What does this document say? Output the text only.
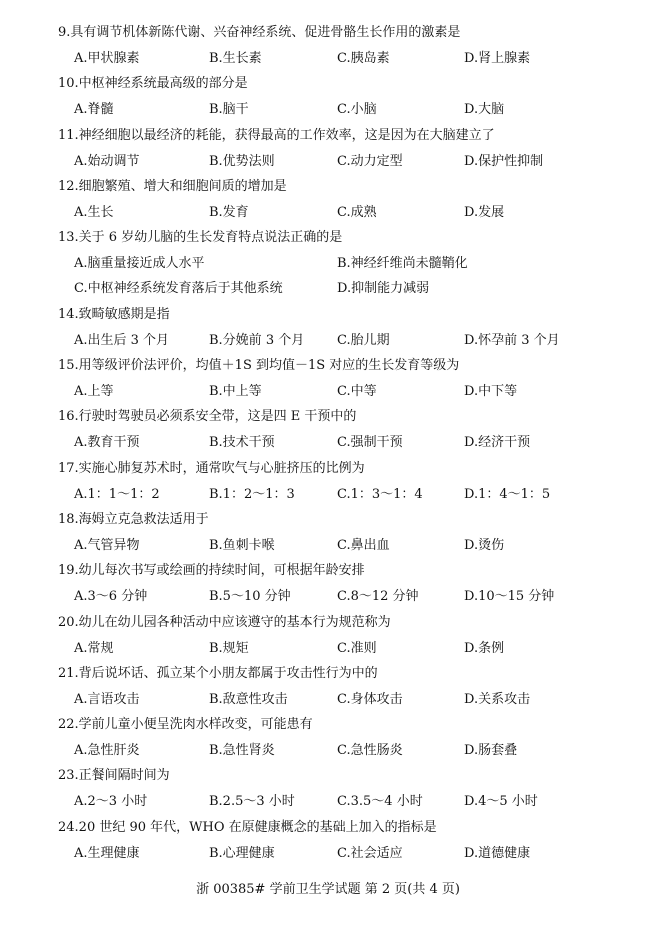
9.具有调节机体新陈代谢、兴奋神经系统、促进骨骼生长作用的激素是
A.甲状腺素	B.生长素	C.胰岛素	D.肾上腺素
10.中枢神经系统最高级的部分是
A.脊髓	B.脑干	C.小脑	D.大脑
11.神经细胞以最经济的耗能，获得最高的工作效率，这是因为在大脑建立了
A.始动调节	B.优势法则	C.动力定型	D.保护性抑制
12.细胞繁殖、增大和细胞间质的增加是
A.生长	B.发育	C.成熟	D.发展
13.关于 6 岁幼儿脑的生长发育特点说法正确的是
A.脑重量接近成人水平	B.神经纤维尚未髓鞘化
C.中枢神经系统发育落后于其他系统	D.抑制能力减弱
14.致畸敏感期是指
A.出生后 3 个月	B.分娩前 3 个月	C.胎儿期	D.怀孕前 3 个月
15.用等级评价法评价，均值＋1S 到均值－1S 对应的生长发育等级为
A.上等	B.中上等	C.中等	D.中下等
16.行驶时驾驶员必须系安全带，这是四 E 干预中的
A.教育干预	B.技术干预	C.强制干预	D.经济干预
17.实施心肺复苏术时，通常吹气与心脏挤压的比例为
A.1：1～1：2	B.1：2～1：3	C.1：3～1：4	D.1：4～1：5
18.海姆立克急救法适用于
A.气管异物	B.鱼刺卡喉	C.鼻出血	D.烫伤
19.幼儿每次书写或绘画的持续时间，可根据年龄安排
A.3～6 分钟	B.5～10 分钟	C.8～12 分钟	D.10～15 分钟
20.幼儿在幼儿园各种活动中应该遵守的基本行为规范称为
A.常规	B.规矩	C.准则	D.条例
21.背后说坏话、孤立某个小朋友都属于攻击性行为中的
A.言语攻击	B.敌意性攻击	C.身体攻击	D.关系攻击
22.学前儿童小便呈洗肉水样改变，可能患有
A.急性肝炎	B.急性肾炎	C.急性肠炎	D.肠套叠
23.正餐间隔时间为
A.2～3 小时	B.2.5～3 小时	C.3.5～4 小时	D.4～5 小时
24.20 世纪 90 年代，WHO 在原健康概念的基础上加入的指标是
A.生理健康	B.心理健康	C.社会适应	D.道德健康
浙 00385# 学前卫生学试题 第 2 页(共 4 页)
